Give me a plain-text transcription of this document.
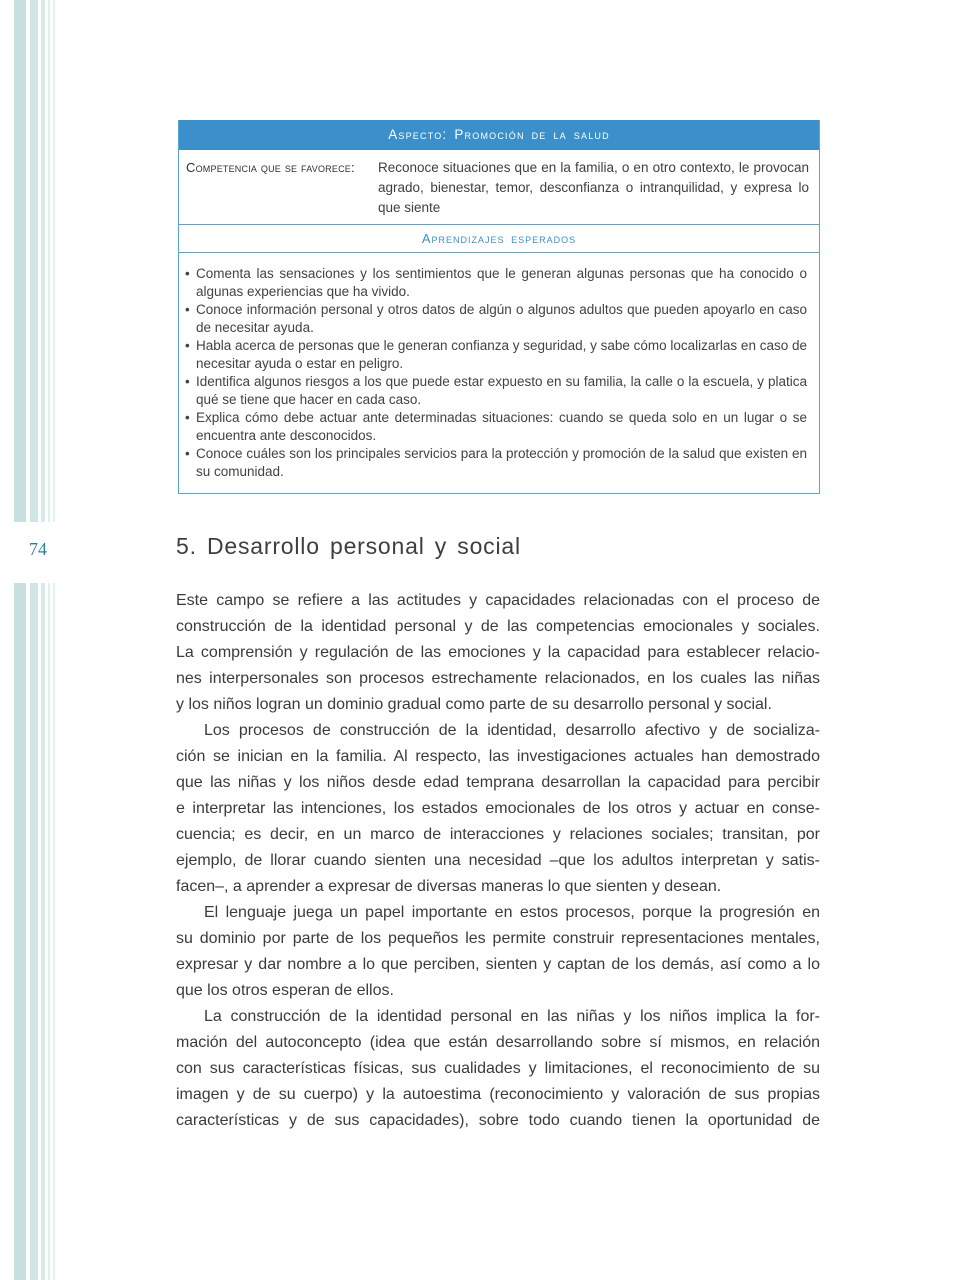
74
Aspecto: Promoción de la salud
Competencia que se favorece:	Reconoce situaciones que en la familia, o en otro contexto, le provocan agrado, bienestar, temor, desconfianza o intranquilidad, y expresa lo que siente
Aprendizajes esperados
• Comenta las sensaciones y los sentimientos que le generan algunas personas que ha conocido o algunas experiencias que ha vivido.
• Conoce información personal y otros datos de algún o algunos adultos que pueden apoyarlo en caso de necesitar ayuda.
• Habla acerca de personas que le generan confianza y seguridad, y sabe cómo localizarlas en caso de necesitar ayuda o estar en peligro.
• Identifica algunos riesgos a los que puede estar expuesto en su familia, la calle o la escuela, y platica qué se tiene que hacer en cada caso.
• Explica cómo debe actuar ante determinadas situaciones: cuando se queda solo en un lugar o se encuentra ante desconocidos.
• Conoce cuáles son los principales servicios para la protección y promoción de la salud que existen en su comunidad.
5. Desarrollo personal y social
Este campo se refiere a las actitudes y capacidades relacionadas con el proceso de
construcción de la identidad personal y de las competencias emocionales y sociales.
La comprensión y regulación de las emociones y la capacidad para establecer relacio-
nes interpersonales son procesos estrechamente relacionados, en los cuales las niñas
y los niños logran un dominio gradual como parte de su desarrollo personal y social.
Los procesos de construcción de la identidad, desarrollo afectivo y de socializa-
ción se inician en la familia. Al respecto, las investigaciones actuales han demostrado
que las niñas y los niños desde edad temprana desarrollan la capacidad para percibir
e interpretar las intenciones, los estados emocionales de los otros y actuar en conse-
cuencia; es decir, en un marco de interacciones y relaciones sociales; transitan, por
ejemplo, de llorar cuando sienten una necesidad –que los adultos interpretan y satis-
facen–, a aprender a expresar de diversas maneras lo que sienten y desean.
El lenguaje juega un papel importante en estos procesos, porque la progresión en
su dominio por parte de los pequeños les permite construir representaciones mentales,
expresar y dar nombre a lo que perciben, sienten y captan de los demás, así como a lo
que los otros esperan de ellos.
La construcción de la identidad personal en las niñas y los niños implica la for-
mación del autoconcepto (idea que están desarrollando sobre sí mismos, en relación
con sus características físicas, sus cualidades y limitaciones, el reconocimiento de su
imagen y de su cuerpo) y la autoestima (reconocimiento y valoración de sus propias
características y de sus capacidades), sobre todo cuando tienen la oportunidad de
